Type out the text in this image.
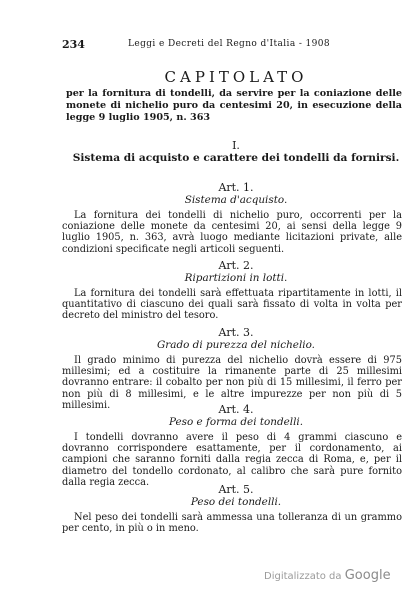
234	Leggi e Decreti del Regno d'Italia - 1908
CAPITOLATO
per la fornitura di tondelli, da servire per la coniazione delle monete di nichelio puro da centesimi 20, in esecuzione della legge 9 luglio 1905, n. 363
I.
Sistema di acquisto e carattere dei tondelli da fornirsi.
Art. 1.
Sistema d'acquisto.

La fornitura dei tondelli di nichelio puro, occorrenti per la coniazione delle monete da centesimi 20, ai sensi della legge 9 luglio 1905, n. 363, avrà luogo mediante licitazioni private, alle condizioni specificate negli articoli seguenti.

Art. 2.
Ripartizioni in lotti.

La fornitura dei tondelli sarà effettuata ripartitamente in lotti, il quantitativo di ciascuno dei quali sarà fissato di volta in volta per decreto del ministro del tesoro.

Art. 3.
Grado di purezza del nichelio.

Il grado minimo di purezza del nichelio dovrà essere di 975 millesimi; ed a costituire la rimanente parte di 25 millesimi dovranno entrare: il cobalto per non più di 15 millesimi, il ferro per non più di 8 millesimi, e le altre impurezze per non più di 5 millesimi.	Art. 4.
Peso e forma dei tondelli.

I tondelli dovranno avere il peso di 4 grammi ciascuno e dovranno corrispondere esattamente, per il cordonamento, ai campioni che saranno forniti dalla regia zecca di Roma, e, per il diametro del tondello cordonato, al calibro che sarà pure fornito dalla regia zecca.

Art. 5.
Peso dei tondelli.

Nel peso dei tondelli sarà ammessa una tolleranza di un grammo per cento, in più o in meno.

Digitalizzato da Google
